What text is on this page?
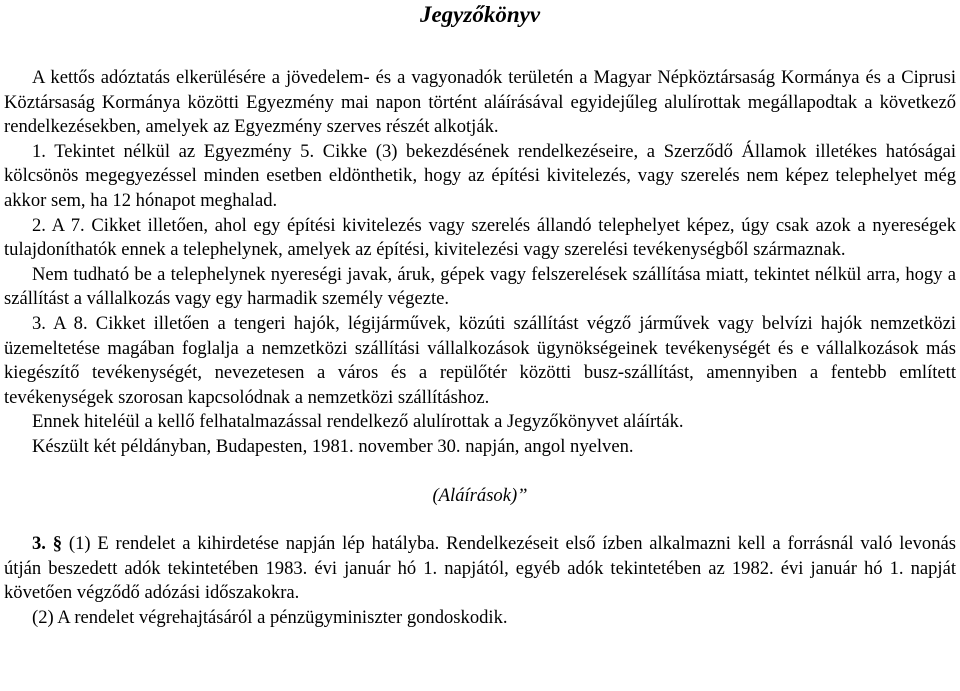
Jegyzőkönyv

A kettős adóztatás elkerülésére a jövedelem- és a vagyonadók területén a Magyar Népköztársaság Kormánya és a Ciprusi Köztársaság Kormánya közötti Egyezmény mai napon történt aláírásával egyidejűleg alulírottak megállapodtak a következő rendelkezésekben, amelyek az Egyezmény szerves részét alkotják.

1. Tekintet nélkül az Egyezmény 5. Cikke (3) bekezdésének rendelkezéseire, a Szerződő Államok illetékes hatóságai kölcsönös megegyezéssel minden esetben eldönthetik, hogy az építési kivitelezés, vagy szerelés nem képez telephelyet még akkor sem, ha 12 hónapot meghalad.

2. A 7. Cikket illetően, ahol egy építési kivitelezés vagy szerelés állandó telephelyet képez, úgy csak azok a nyereségek tulajdoníthatók ennek a telephelynek, amelyek az építési, kivitelezési vagy szerelési tevékenységből származnak.

Nem tudható be a telephelynek nyereségi javak, áruk, gépek vagy felszerelések szállítása miatt, tekintet nélkül arra, hogy a szállítást a vállalkozás vagy egy harmadik személy végezte.

3. A 8. Cikket illetően a tengeri hajók, légijárművek, közúti szállítást végző járművek vagy belvízi hajók nemzetközi üzemeltetése magában foglalja a nemzetközi szállítási vállalkozások ügynökségeinek tevékenységét és e vállalkozások más kiegészítő tevékenységét, nevezetesen a város és a repülőtér közötti busz-szállítást, amennyiben a fentebb említett tevékenységek szorosan kapcsolódnak a nemzetközi szállításhoz.

Ennek hiteléül a kellő felhatalmazással rendelkező alulírottak a Jegyzőkönyvet aláírták.

Készült két példányban, Budapesten, 1981. november 30. napján, angol nyelven.

(Aláírások)”

3. § (1) E rendelet a kihirdetése napján lép hatályba. Rendelkezéseit első ízben alkalmazni kell a forrásnál való levonás útján beszedett adók tekintetében 1983. évi január hó 1. napjától, egyéb adók tekintetében az 1982. évi január hó 1. napját követően végződő adózási időszakokra.

(2) A rendelet végrehajtásáról a pénzügyminiszter gondoskodik.
